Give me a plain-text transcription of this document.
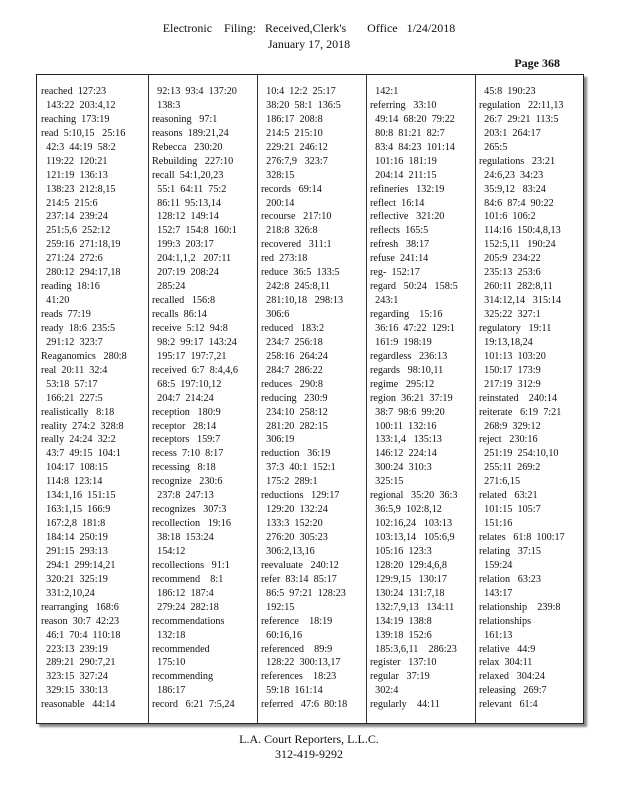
Electronic    Filing:   Received,Clerk's       Office   1/24/2018
January 17, 2018
Page 368
reached  127:23
143:22  203:4,12
reaching  173:19
read  5:10,15   25:16
42:3  44:19  58:2
119:22  120:21
121:19  136:13
138:23  212:8,15
214:5  215:6
237:14  239:24
251:5,6  252:12
259:16  271:18,19
271:24  272:6
280:12  294:17,18
reading  18:16
41:20
reads  77:19
ready  18:6  235:5
291:12  323:7
Reaganomics   280:8
real  20:11  32:4
53:18  57:17
166:21  227:5
realistically   8:18
reality  274:2  328:8
really  24:24  32:2
43:7  49:15  104:1
104:17  108:15
114:8  123:14
134:1,16  151:15
163:1,15  166:9
167:2,8  181:8
184:14  250:19
291:15  293:13
294:1  299:14,21
320:21  325:19
331:2,10,24
rearranging   168:6
reason  30:7  42:23
46:1  70:4  110:18
223:13  239:19
289:21  290:7,21
323:15  327:24
329:15  330:13
reasonable   44:14
92:13  93:4  137:20
138:3
reasoning   97:1
reasons  189:21,24
Rebecca   230:20
Rebuilding   227:10
recall  54:1,20,23
55:1  64:11  75:2
86:11  95:13,14
128:12  149:14
152:7  154:8  160:1
199:3  203:17
204:1,1,2   207:11
207:19  208:24
285:24
recalled   156:8
recalls  86:14
receive  5:12  94:8
98:2  99:17  143:24
195:17  197:7,21
received  6:7  8:4,4,6
68:5  197:10,12
204:7  214:24
reception   180:9
receptor   28:14
receptors   159:7
recess  7:10  8:17
recessing   8:18
recognize   230:6
237:8  247:13
recognizes   307:3
recollection   19:16
38:18  153:24
154:12
recollections   91:1
recommend    8:1
186:12  187:4
279:24  282:18
recommendations
132:18
recommended
175:10
recommending
186:17
record   6:21  7:5,24
10:4  12:2  25:17
38:20  58:1  136:5
186:17  208:8
214:5  215:10
229:21  246:12
276:7,9   323:7
328:15
records   69:14
200:14
recourse   217:10
218:8  326:8
recovered   311:1
red  273:18
reduce  36:5  133:5
242:8  245:8,11
281:10,18   298:13
306:6
reduced   183:2
234:7  256:18
258:16  264:24
284:7  286:22
reduces   290:8
reducing   230:9
234:10  258:12
281:20  282:15
306:19
reduction   36:19
37:3  40:1  152:1
175:2  289:1
reductions   129:17
129:20  132:24
133:3  152:20
276:20  305:23
306:2,13,16
reevaluate   240:12
refer  83:14  85:17
86:5  97:21  128:23
192:15
reference    18:19
60:16,16
referenced    89:9
128:22  300:13,17
references    18:23
59:18  161:14
referred   47:6  80:18
142:1
referring   33:10
49:14  68:20  79:22
80:8  81:21  82:7
83:4  84:23  101:14
101:16  181:19
204:14  211:15
refineries   132:19
reflect  16:14
reflective   321:20
reflects  165:5
refresh   38:17
refuse  241:14
reg-  152:17
regard   50:24   158:5
243:1
regarding    15:16
36:16  47:22  129:1
161:9  198:19
regardless   236:13
regards   98:10,11
regime   295:12
region  36:21  37:19
38:7  98:6  99:20
100:11  132:16
133:1,4   135:13
146:12  224:14
300:24  310:3
325:15
regional   35:20  36:3
36:5,9  102:8,12
102:16,24   103:13
103:13,14   105:6,9
105:16  123:3
128:20  129:4,6,8
129:9,15   130:17
130:24  131:7,18
132:7,9,13   134:11
134:19  138:8
139:18  152:6
185:3,6,11    286:23
register   137:10
regular   37:19
302:4
regularly    44:11
45:8  190:23
regulation   22:11,13
26:7  29:21  113:5
203:1  264:17
265:5
regulations   23:21
24:6,23  34:23
35:9,12   83:24
84:6  87:4  90:22
101:6  106:2
114:16  150:4,8,13
152:5,11   190:24
205:9  234:22
235:13  253:6
260:11  282:8,11
314:12,14   315:14
325:22  327:1
regulatory   19:11
19:13,18,24
101:13  103:20
150:17  173:9
217:19  312:9
reinstated    240:14
reiterate   6:19  7:21
268:9  329:12
reject   230:16
251:19  254:10,10
255:11  269:2
271:6,15
related   63:21
101:15  105:7
151:16
relates   61:8  100:17
relating   37:15
159:24
relation   63:23
143:17
relationship    239:8
relationships
161:13
relative   44:9
relax  304:11
relaxed   304:24
releasing   269:7
relevant   61:4
L.A. Court Reporters, L.L.C.
312-419-9292
